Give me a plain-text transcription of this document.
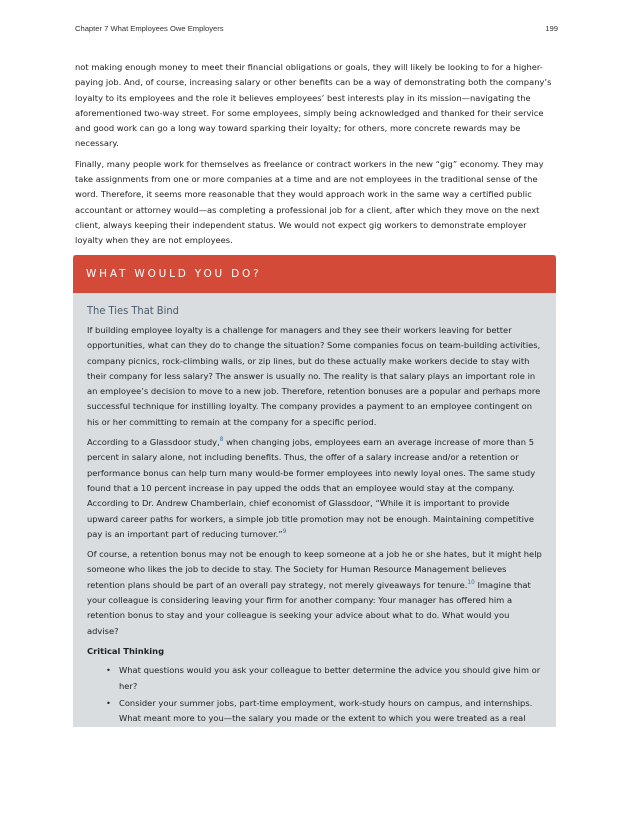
Chapter 7 What Employees Owe Employers	199

not making enough money to meet their financial obligations or goals, they will likely be looking to for a higher-paying job. And, of course, increasing salary or other benefits can be a way of demonstrating both the company’s loyalty to its employees and the role it believes employees’ best interests play in its mission—navigating the aforementioned two-way street. For some employees, simply being acknowledged and thanked for their service and good work can go a long way toward sparking their loyalty; for others, more concrete rewards may be necessary.

Finally, many people work for themselves as freelance or contract workers in the new “gig” economy. They may take assignments from one or more companies at a time and are not employees in the traditional sense of the word. Therefore, it seems more reasonable that they would approach work in the same way a certified public accountant or attorney would—as completing a professional job for a client, after which they move on the next client, always keeping their independent status. We would not expect gig workers to demonstrate employer loyalty when they are not employees.

WHAT WOULD YOU DO?
The Ties That Bind

If building employee loyalty is a challenge for managers and they see their workers leaving for better opportunities, what can they do to change the situation? Some companies focus on team-building activities, company picnics, rock-climbing walls, or zip lines, but do these actually make workers decide to stay with their company for less salary? The answer is usually no. The reality is that salary plays an important role in an employee’s decision to move to a new job. Therefore, retention bonuses are a popular and perhaps more successful technique for instilling loyalty. The company provides a payment to an employee contingent on his or her committing to remain at the company for a specific period.

According to a Glassdoor study,$^8$ when changing jobs, employees earn an average increase of more than 5 percent in salary alone, not including benefits. Thus, the offer of a salary increase and/or a retention or performance bonus can help turn many would-be former employees into newly loyal ones. The same study found that a 10 percent increase in pay upped the odds that an employee would stay at the company. According to Dr. Andrew Chamberlain, chief economist of Glassdoor, “While it is important to provide upward career paths for workers, a simple job title promotion may not be enough. Maintaining competitive pay is an important part of reducing turnover.”$^9$

Of course, a retention bonus may not be enough to keep someone at a job he or she hates, but it might help someone who likes the job to decide to stay. The Society for Human Resource Management believes retention plans should be part of an overall pay strategy, not merely giveaways for tenure.$^{10}$ Imagine that your colleague is considering leaving your firm for another company: Your manager has offered him a retention bonus to stay and your colleague is seeking your advice about what to do. What would you advise?

Critical Thinking
• What questions would you ask your colleague to better determine the advice you should give him or her?
• Consider your summer jobs, part-time employment, work-study hours on campus, and internships. What meant more to you—the salary you made or the extent to which you were treated as a real
